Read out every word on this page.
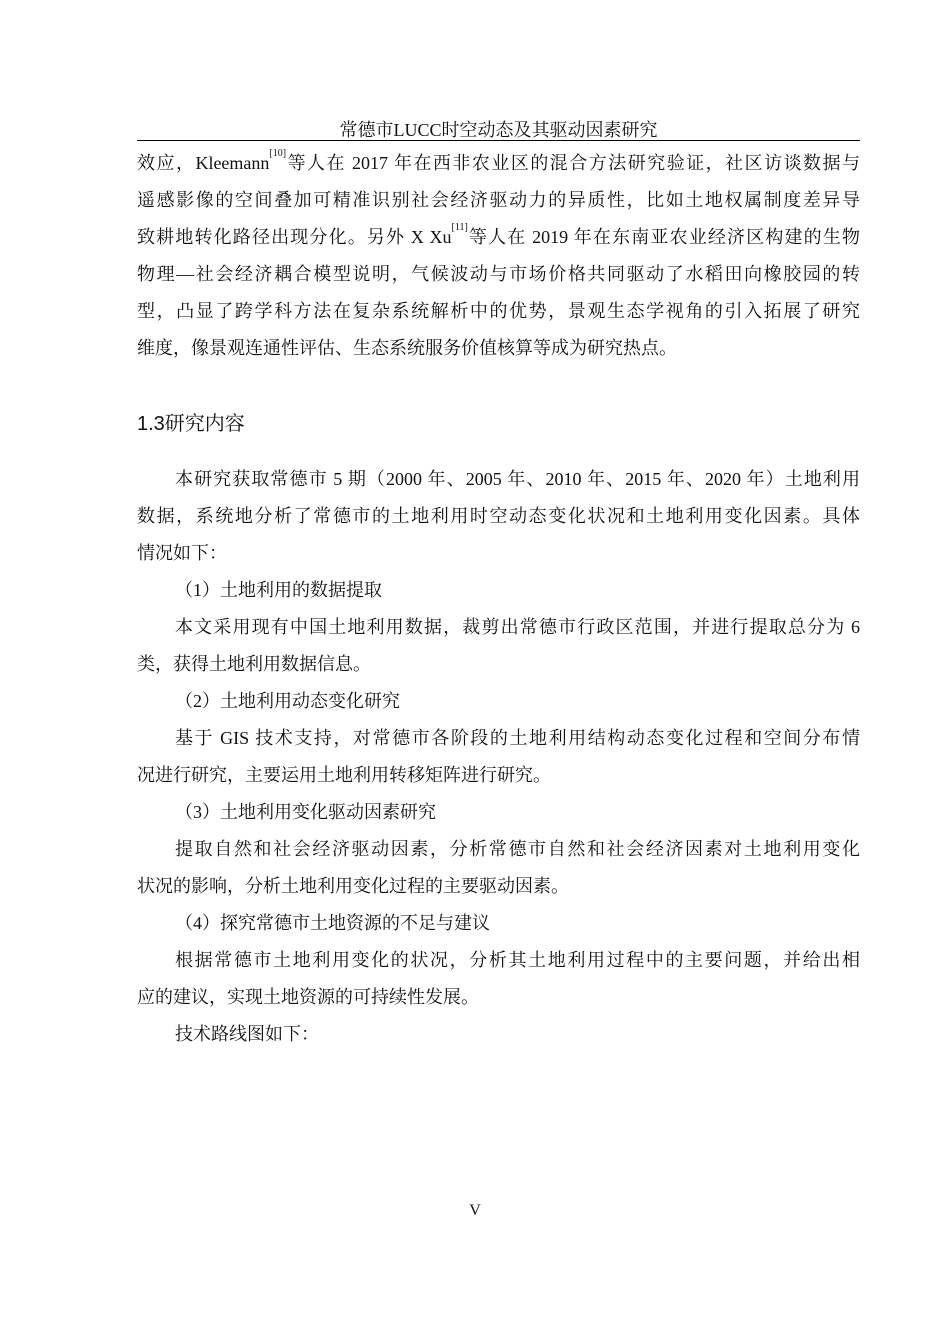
常德市LUCC时空动态及其驱动因素研究
效应，Kleemann[10]等人在 2017 年在西非农业区的混合方法研究验证，社区访谈数据与
遥感影像的空间叠加可精准识别社会经济驱动力的异质性，比如土地权属制度差异导
致耕地转化路径出现分化。另外 X Xu[11]等人在 2019 年在东南亚农业经济区构建的生物
物理—社会经济耦合模型说明，气候波动与市场价格共同驱动了水稻田向橡胶园的转
型，凸显了跨学科方法在复杂系统解析中的优势，景观生态学视角的引入拓展了研究
维度，像景观连通性评估、生态系统服务价值核算等成为研究热点。
1.3研究内容
本研究获取常德市 5 期（2000 年、2005 年、2010 年、2015 年、2020 年）土地利用
数据，系统地分析了常德市的土地利用时空动态变化状况和土地利用变化因素。具体
情况如下：
（1）土地利用的数据提取
本文采用现有中国土地利用数据，裁剪出常德市行政区范围，并进行提取总分为 6
类，获得土地利用数据信息。
（2）土地利用动态变化研究
基于 GIS 技术支持，对常德市各阶段的土地利用结构动态变化过程和空间分布情
况进行研究，主要运用土地利用转移矩阵进行研究。
（3）土地利用变化驱动因素研究
提取自然和社会经济驱动因素，分析常德市自然和社会经济因素对土地利用变化
状况的影响，分析土地利用变化过程的主要驱动因素。
（4）探究常德市土地资源的不足与建议
根据常德市土地利用变化的状况，分析其土地利用过程中的主要问题，并给出相
应的建议，实现土地资源的可持续性发展。
技术路线图如下：
V
